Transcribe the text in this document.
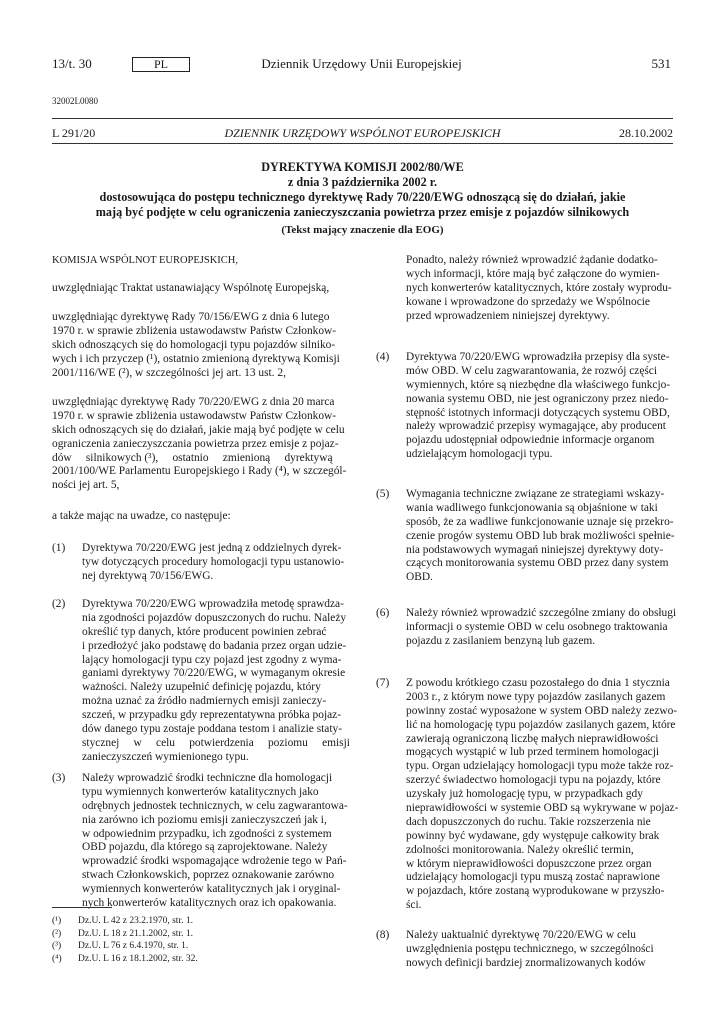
13/t. 30	PL	Dziennik Urzędowy Unii Europejskiej	531
32002L0080
L 291/20	DZIENNIK URZĘDOWY WSPÓLNOT EUROPEJSKICH	28.10.2002
DYREKTYWA KOMISJI 2002/80/WE
z dnia 3 października 2002 r.
dostosowująca do postępu technicznego dyrektywę Rady 70/220/EWG odnoszącą się do działań, jakie
mają być podjęte w celu ograniczenia zanieczyszczania powietrza przez emisje z pojazdów silnikowych
(Tekst mający znaczenie dla EOG)
KOMISJA WSPÓLNOT EUROPEJSKICH,
uwzględniając Traktat ustanawiający Wspólnotę Europejską,
uwzględniając dyrektywę Rady 70/156/EWG z dnia 6 lutego
1970 r. w sprawie zbliżenia ustawodawstw Państw Członkow-
skich odnoszących się do homologacji typu pojazdów silniko-
wych i ich przyczep (¹), ostatnio zmienioną dyrektywą Komisji
2001/116/WE (²), w szczególności jej art. 13 ust. 2,
uwzględniając dyrektywę Rady 70/220/EWG z dnia 20 marca
1970 r. w sprawie zbliżenia ustawodawstw Państw Członkow-
skich odnoszących się do działań, jakie mają być podjęte w celu
ograniczenia zanieczyszczania powietrza przez emisje z pojaz-
dów     silnikowych (³),     ostatnio     zmienioną     dyrektywą
2001/100/WE Parlamentu Europejskiego i Rady (⁴), w szczegól-
ności jej art. 5,
a także mając na uwadze, co następuje:
(1) Dyrektywa 70/220/EWG jest jedną z oddzielnych dyrek-
tyw dotyczących procedury homologacji typu ustanowio-
nej dyrektywą 70/156/EWG.
(2) Dyrektywa 70/220/EWG wprowadziła metodę sprawdza-
nia zgodności pojazdów dopuszczonych do ruchu. Należy
określić typ danych, które producent powinien zebrać
i przedłożyć jako podstawę do badania przez organ udzie-
lający homologacji typu czy pojazd jest zgodny z wyma-
ganiami dyrektywy 70/220/EWG, w wymaganym okresie
ważności. Należy uzupełnić definicję pojazdu, który
można uznać za źródło nadmiernych emisji zanieczy-
szczeń, w przypadku gdy reprezentatywna próbka pojaz-
dów danego typu zostaje poddana testom i analizie staty-
stycznej     w     celu     potwierdzenia     poziomu     emisji
zanieczyszczeń wymienionego typu.
(3) Należy wprowadzić środki techniczne dla homologacji
typu wymiennych konwerterów katalitycznych jako
odrębnych jednostek technicznych, w celu zagwarantowa-
nia zarówno ich poziomu emisji zanieczyszczeń jak i,
w odpowiednim przypadku, ich zgodności z systemem
OBD pojazdu, dla którego są zaprojektowane. Należy
wprowadzić środki wspomagające wdrożenie tego w Pań-
stwach Członkowskich, poprzez oznakowanie zarówno
wymiennych konwerterów katalitycznych jak i oryginal-
nych konwerterów katalitycznych oraz ich opakowania.
Ponadto, należy również wprowadzić żądanie dodatko-
wych informacji, które mają być załączone do wymien-
nych konwerterów katalitycznych, które zostały wyprodu-
kowane i wprowadzone do sprzedaży we Wspólnocie
przed wprowadzeniem niniejszej dyrektywy.
(4) Dyrektywa 70/220/EWG wprowadziła przepisy dla syste-
mów OBD. W celu zagwarantowania, że rozwój części
wymiennych, które są niezbędne dla właściwego funkcjo-
nowania systemu OBD, nie jest ograniczony przez niedo-
stępność istotnych informacji dotyczących systemu OBD,
należy wprowadzić przepisy wymagające, aby producent
pojazdu udostępniał odpowiednie informacje organom
udzielającym homologacji typu.
(5) Wymagania techniczne związane ze strategiami wskazy-
wania wadliwego funkcjonowania są objaśnione w taki
sposób, że za wadliwe funkcjonowanie uznaje się przekro-
czenie progów systemu OBD lub brak możliwości spełnie-
nia podstawowych wymagań niniejszej dyrektywy doty-
czących monitorowania systemu OBD przez dany system
OBD.
(6) Należy również wprowadzić szczególne zmiany do obsługi
informacji o systemie OBD w celu osobnego traktowania
pojazdu z zasilaniem benzyną lub gazem.
(7) Z powodu krótkiego czasu pozostałego do dnia 1 stycznia
2003 r., z którym nowe typy pojazdów zasilanych gazem
powinny zostać wyposażone w system OBD należy zezwo-
lić na homologację typu pojazdów zasilanych gazem, które
zawierają ograniczoną liczbę małych nieprawidłowości
mogących wystąpić w lub przed terminem homologacji
typu. Organ udzielający homologacji typu może także roz-
szerzyć świadectwo homologacji typu na pojazdy, które
uzyskały już homologację typu, w przypadkach gdy
nieprawidłowości w systemie OBD są wykrywane w pojaz-
dach dopuszczonych do ruchu. Takie rozszerzenia nie
powinny być wydawane, gdy występuje całkowity brak
zdolności monitorowania. Należy określić termin,
w którym nieprawidłowości dopuszczone przez organ
udzielający homologacji typu muszą zostać naprawione
w pojazdach, które zostaną wyprodukowane w przyszło-
ści.
(8) Należy uaktualnić dyrektywę 70/220/EWG w celu
uwzględnienia postępu technicznego, w szczególności
nowych definicji bardziej znormalizowanych kodów
(¹) Dz.U. L 42 z 23.2.1970, str. 1.
(²) Dz.U. L 18 z 21.1.2002, str. 1.
(³) Dz.U. L 76 z 6.4.1970, str. 1.
(⁴) Dz.U. L 16 z 18.1.2002, str. 32.
